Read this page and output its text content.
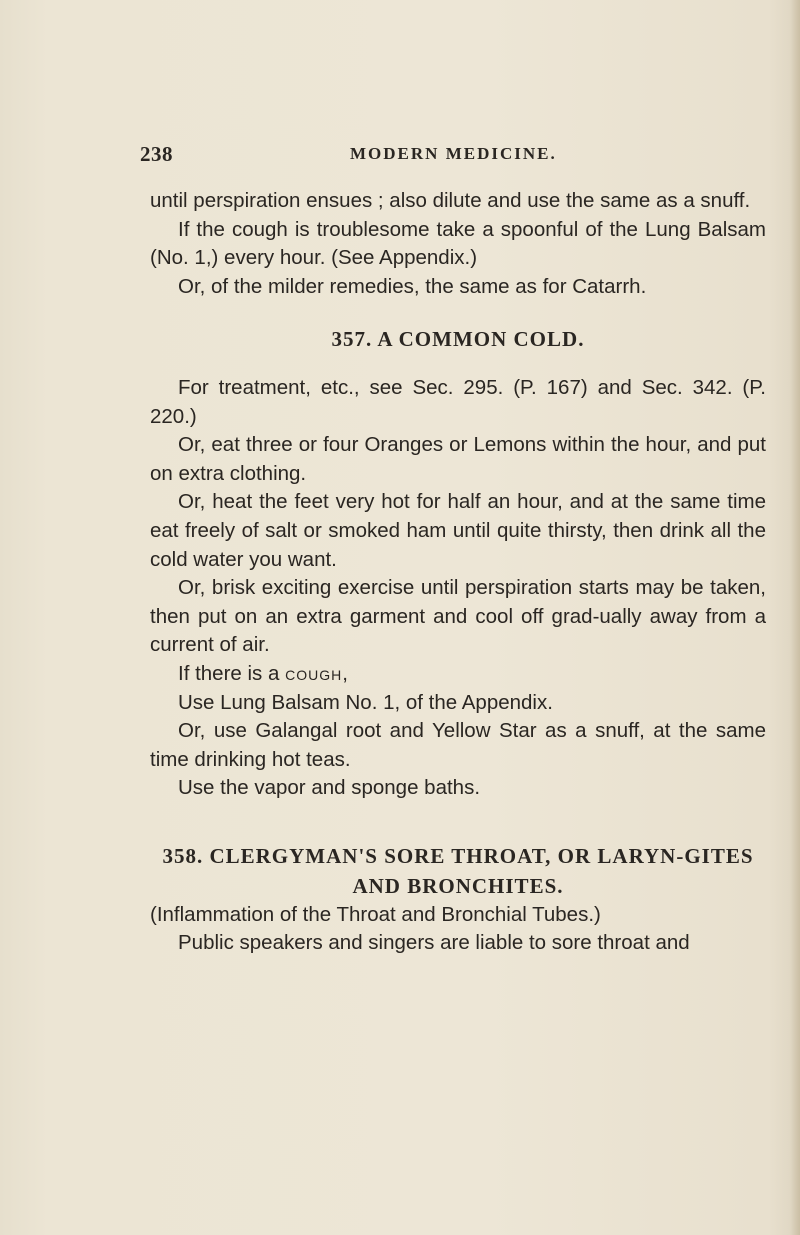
238	MODERN MEDICINE.

until perspiration ensues ; also dilute and use the same as a snuff.

If the cough is troublesome take a spoonful of the Lung Balsam (No. 1,) every hour. (See Appendix.)

Or, of the milder remedies, the same as for Catarrh.

357. A COMMON COLD.

For treatment, etc., see Sec. 295. (P. 167) and Sec. 342. (P. 220.)

Or, eat three or four Oranges or Lemons within the hour, and put on extra clothing.

Or, heat the feet very hot for half an hour, and at the same time eat freely of salt or smoked ham until quite thirsty, then drink all the cold water you want.

Or, brisk exciting exercise until perspiration starts may be taken, then put on an extra garment and cool off grad-ually away from a current of air.

If there is a cough,

Use Lung Balsam No. 1, of the Appendix.

Or, use Galangal root and Yellow Star as a snuff, at the same time drinking hot teas.

Use the vapor and sponge baths.

358. CLERGYMAN'S SORE THROAT, OR LARYN-GITES AND BRONCHITES.

(Inflammation of the Throat and Bronchial Tubes.)

Public speakers and singers are liable to sore throat and
